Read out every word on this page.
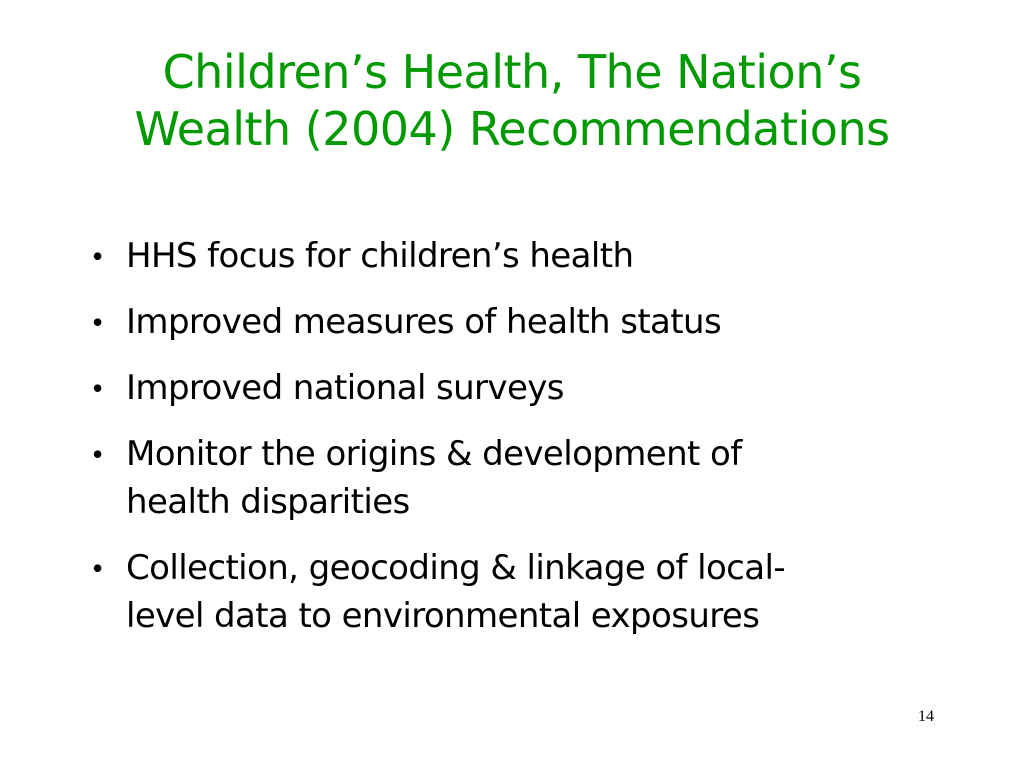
Children’s Health, The Nation’s
Wealth (2004) Recommendations
• HHS focus for children’s health
• Improved measures of health status
• Improved national surveys
• Monitor the origins & development of
health disparities
• Collection, geocoding & linkage of local-
level data to environmental exposures
14
